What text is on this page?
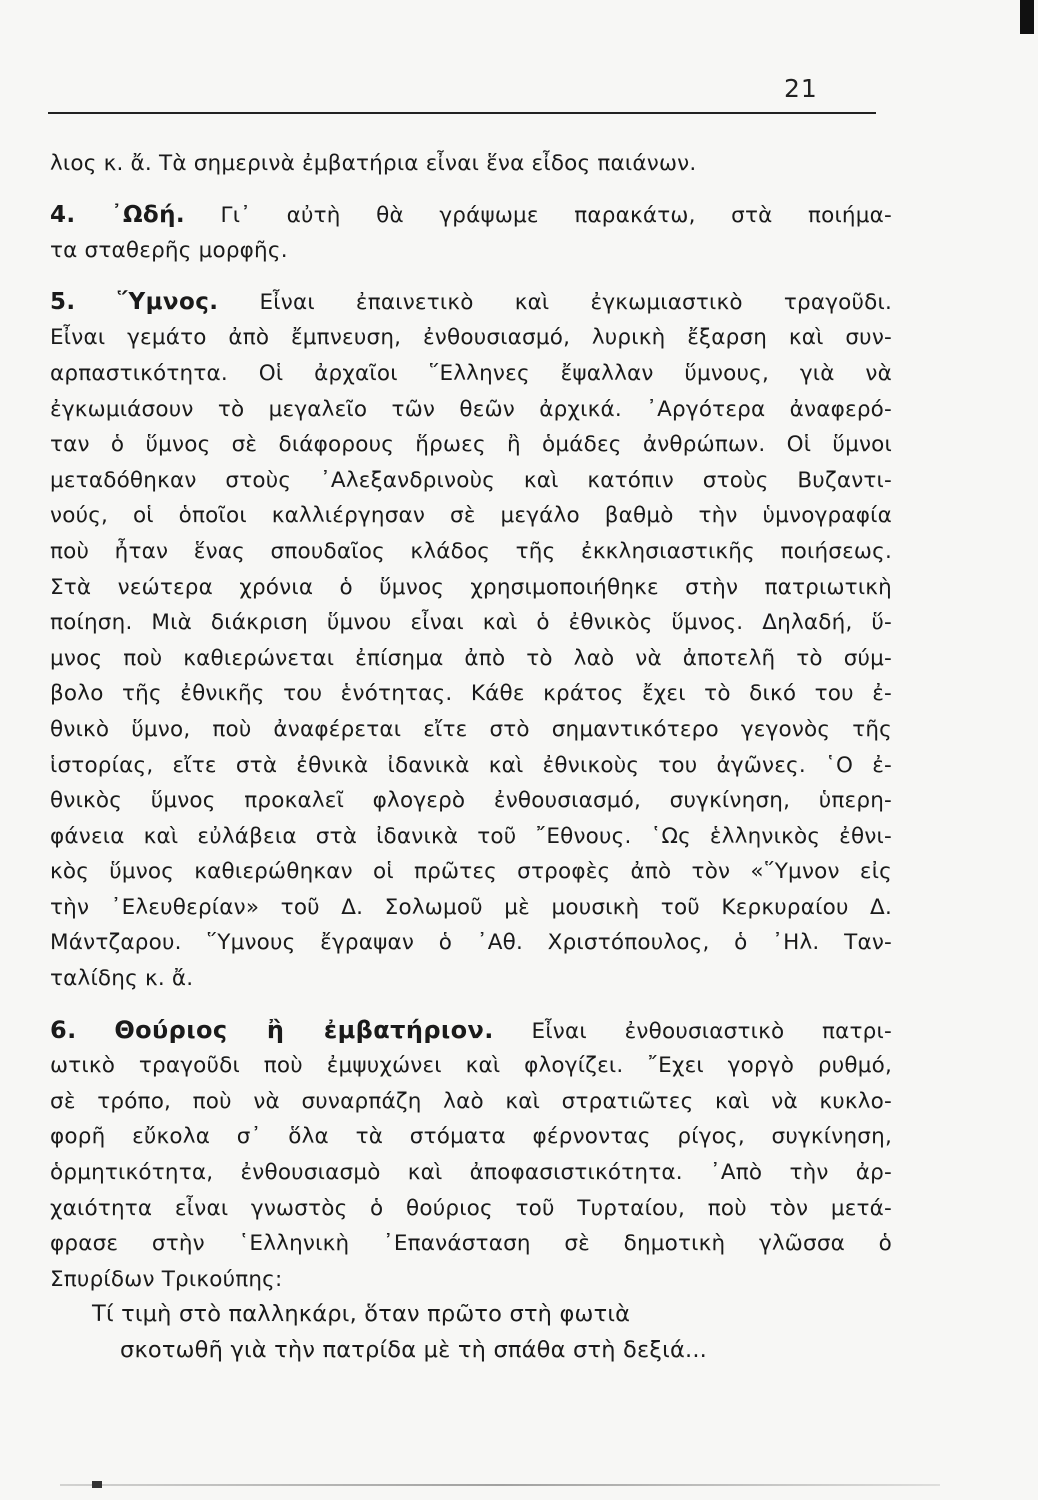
21
λιος κ. ἄ. Τὰ σημερινὰ ἐμβατήρια εἶναι ἕνα εἶδος παιάνων.
4. ᾿Ωδή. Γι᾿ αὐτὴ θὰ γράψωμε παρακάτω, στὰ ποιήμα-
τα σταθερῆς μορφῆς.
5. ῞Υμνος. Εἶναι ἐπαινετικὸ καὶ ἐγκωμιαστικὸ τραγοῦδι.
Εἶναι γεμάτο ἀπὸ ἔμπνευση, ἐνθουσιασμό, λυρικὴ ἔξαρση καὶ συν-
αρπαστικότητα. Οἱ ἀρχαῖοι ῞Ελληνες ἔψαλλαν ὕμνους, γιὰ νὰ
ἐγκωμιάσουν τὸ μεγαλεῖο τῶν θεῶν ἀρχικά. ᾿Αργότερα ἀναφερό-
ταν ὁ ὕμνος σὲ διάφορους ἥρωες ἢ ὁμάδες ἀνθρώπων. Οἱ ὕμνοι
μεταδόθηκαν στοὺς ᾿Αλεξανδρινοὺς καὶ κατόπιν στοὺς Βυζαντι-
νούς, οἱ ὁποῖοι καλλιέργησαν σὲ μεγάλο βαθμὸ τὴν ὑμνογραφία
ποὺ ἦταν ἕνας σπουδαῖος κλάδος τῆς ἐκκλησιαστικῆς ποιήσεως.
Στὰ νεώτερα χρόνια ὁ ὕμνος χρησιμοποιήθηκε στὴν πατριωτικὴ
ποίηση. Μιὰ διάκριση ὕμνου εἶναι καὶ ὁ ἐθνικὸς ὕμνος. Δηλαδή, ὕ-
μνος ποὺ καθιερώνεται ἐπίσημα ἀπὸ τὸ λαὸ νὰ ἀποτελῆ τὸ σύμ-
βολο τῆς ἐθνικῆς του ἑνότητας. Κάθε κράτος ἔχει τὸ δικό του ἐ-
θνικὸ ὕμνο, ποὺ ἀναφέρεται εἴτε στὸ σημαντικότερο γεγονὸς τῆς
ἱστορίας, εἴτε στὰ ἐθνικὰ ἰδανικὰ καὶ ἐθνικοὺς του ἀγῶνες. ῾Ο ἐ-
θνικὸς ὕμνος προκαλεῖ φλογερὸ ἐνθουσιασμό, συγκίνηση, ὑπερη-
φάνεια καὶ εὐλάβεια στὰ ἰδανικὰ τοῦ ῎Εθνους. ῾Ως ἑλληνικὸς ἐθνι-
κὸς ὕμνος καθιερώθηκαν οἱ πρῶτες στροφὲς ἀπὸ τὸν «῞Υμνον εἰς
τὴν ᾿Ελευθερίαν» τοῦ Δ. Σολωμοῦ μὲ μουσικὴ τοῦ Κερκυραίου Δ.
Μάντζαρου. ῞Υμνους ἔγραψαν ὁ ᾿Αθ. Χριστόπουλος, ὁ ᾿Ηλ. Ταν-
ταλίδης κ. ἄ.
6. Θούριος ἢ ἐμβατήριον. Εἶναι ἐνθουσιαστικὸ πατρι-
ωτικὸ τραγοῦδι ποὺ ἐμψυχώνει καὶ φλογίζει. ῎Εχει γοργὸ ρυθμό,
σὲ τρόπο, ποὺ νὰ συναρπάζη λαὸ καὶ στρατιῶτες καὶ νὰ κυκλο-
φορῆ εὔκολα σ᾿ ὅλα τὰ στόματα φέρνοντας ρίγος, συγκίνηση,
ὁρμητικότητα, ἐνθουσιασμὸ καὶ ἀποφασιστικότητα. ᾿Απὸ τὴν ἀρ-
χαιότητα εἶναι γνωστὸς ὁ θούριος τοῦ Τυρταίου, ποὺ τὸν μετά-
φρασε στὴν ῾Ελληνικὴ ᾿Επανάσταση σὲ δημοτικὴ γλῶσσα ὁ
Σπυρίδων Τρικούπης:
Τί τιμὴ στὸ παλληκάρι, ὅταν πρῶτο στὴ φωτιὰ
σκοτωθῆ γιὰ τὴν πατρίδα μὲ τὴ σπάθα στὴ δεξιά...
